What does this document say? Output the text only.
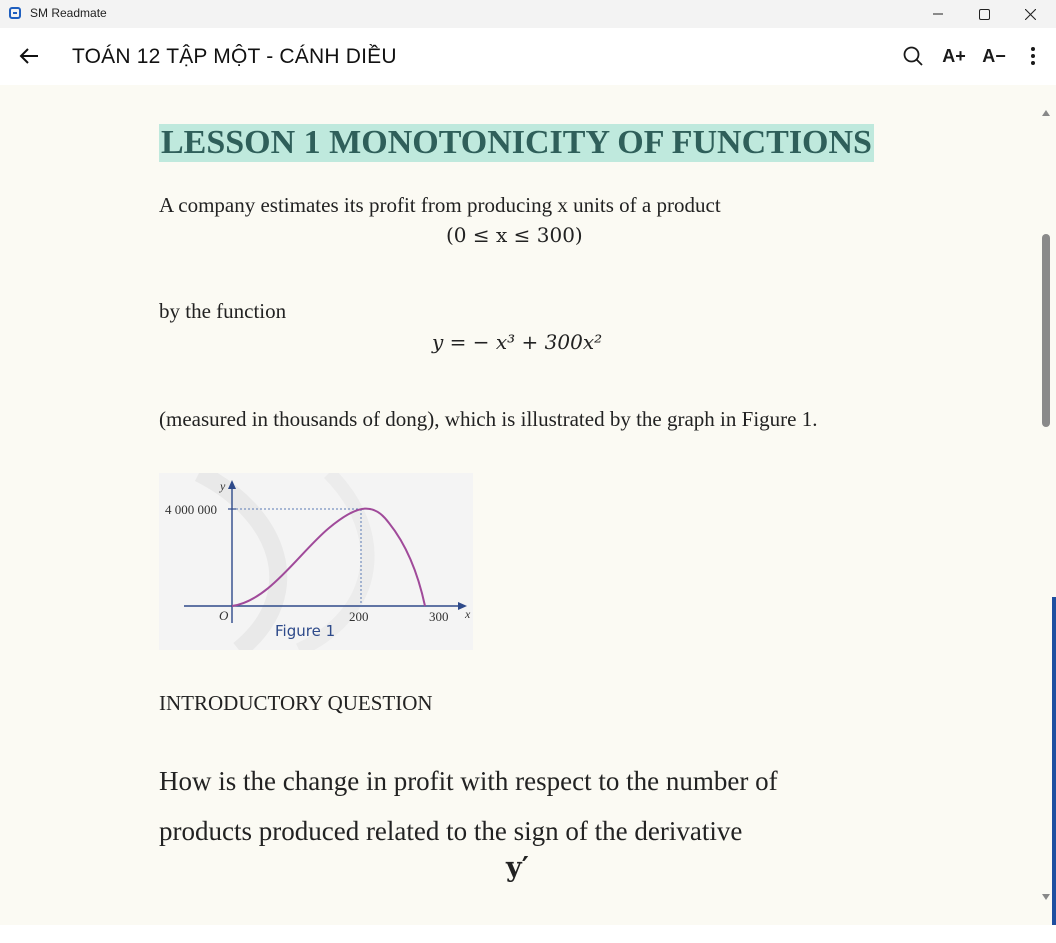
SM Readmate
TOÁN 12 TẬP MỘT - CÁNH DIỀU	A+ A−
LESSON 1 MONOTONICITY OF FUNCTIONS
A company estimates its profit from producing x units of a product
(0 ≤ x ≤ 300)
by the function
y = − x³ + 300x²
(measured in thousands of dong), which is illustrated by the graph in Figure 1.
y
x
O
4 000 000
200	300
Figure 1
INTRODUCTORY QUESTION
How is the change in profit with respect to the number of
products produced related to the sign of the derivative
y′
